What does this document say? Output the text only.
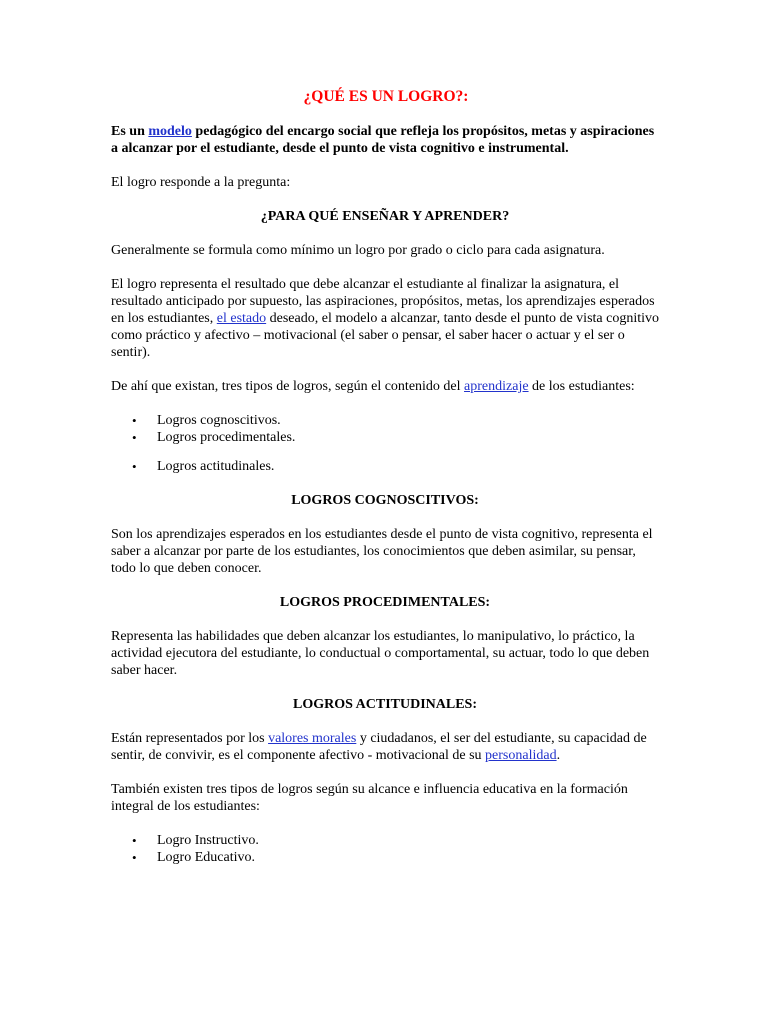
¿QUÉ ES UN LOGRO?:

Es un modelo pedagógico del encargo social que refleja los propósitos, metas y aspiraciones a alcanzar por el estudiante, desde el punto de vista cognitivo e instrumental.

El logro responde a la pregunta:

¿PARA QUÉ ENSEÑAR Y APRENDER?

Generalmente se formula como mínimo un logro por grado o ciclo para cada asignatura.

El logro representa el resultado que debe alcanzar el estudiante al finalizar la asignatura, el resultado anticipado por supuesto, las aspiraciones, propósitos, metas, los aprendizajes esperados en los estudiantes, el estado deseado, el modelo a alcanzar, tanto desde el punto de vista cognitivo como práctico y afectivo – motivacional (el saber o pensar, el saber hacer o actuar y el ser o sentir).

De ahí que existan, tres tipos de logros, según el contenido del aprendizaje de los estudiantes:

• Logros cognoscitivos.
• Logros procedimentales.
• Logros actitudinales.

LOGROS COGNOSCITIVOS:

Son los aprendizajes esperados en los estudiantes desde el punto de vista cognitivo, representa el saber a alcanzar por parte de los estudiantes, los conocimientos que deben asimilar, su pensar, todo lo que deben conocer.

LOGROS PROCEDIMENTALES:

Representa las habilidades que deben alcanzar los estudiantes, lo manipulativo, lo práctico, la actividad ejecutora del estudiante, lo conductual o comportamental, su actuar, todo lo que deben saber hacer.

LOGROS ACTITUDINALES:

Están representados por los valores morales y ciudadanos, el ser del estudiante, su capacidad de sentir, de convivir, es el componente afectivo - motivacional de su personalidad.

También existen tres tipos de logros según su alcance e influencia educativa en la formación integral de los estudiantes:

• Logro Instructivo.
• Logro Educativo.
